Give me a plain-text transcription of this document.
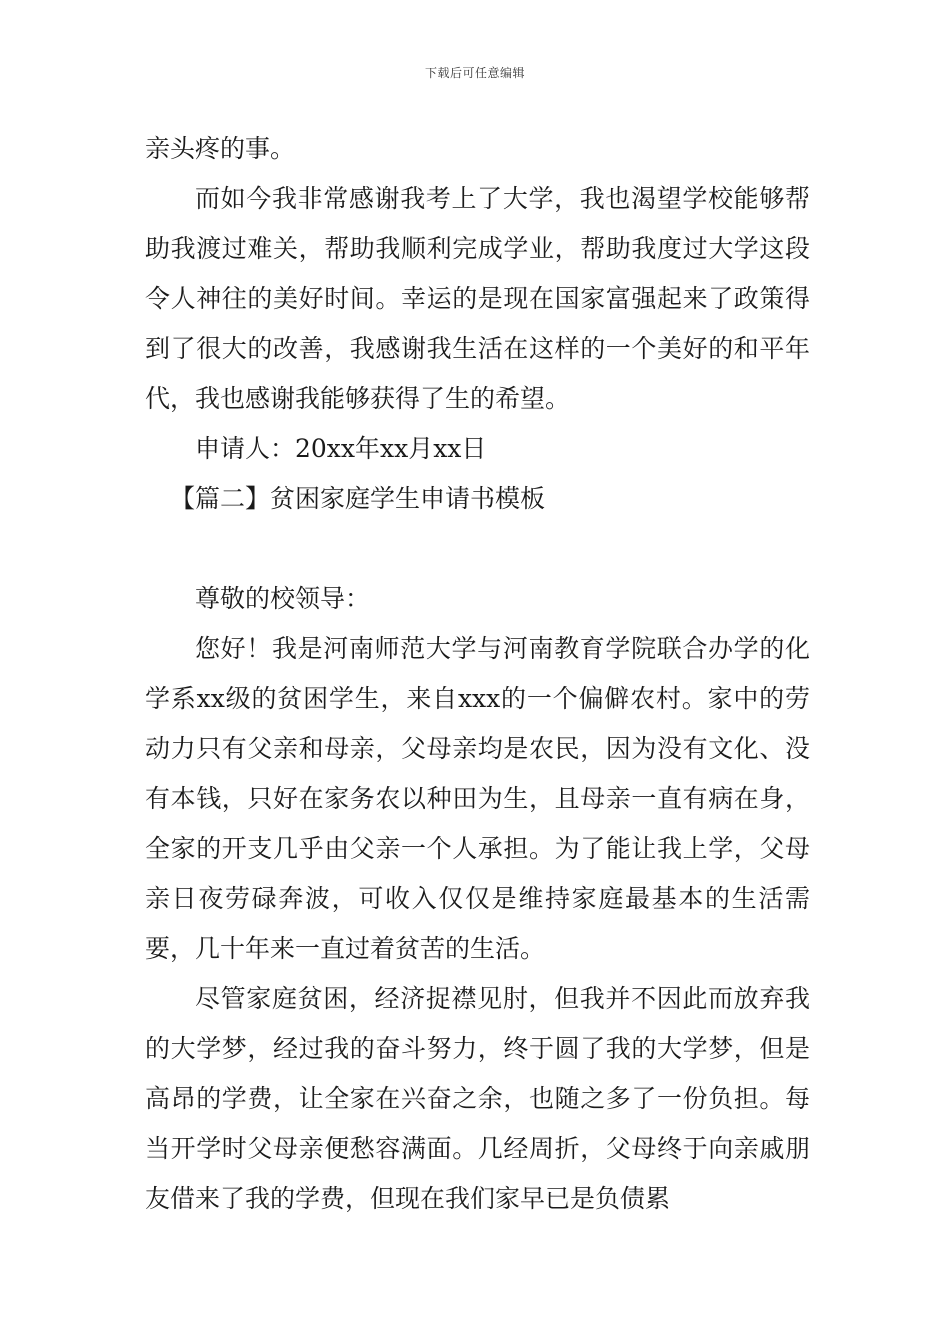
下载后可任意编辑

亲头疼的事。

而如今我非常感谢我考上了大学，我也渴望学校能够帮助我渡过难关，帮助我顺利完成学业，帮助我度过大学这段令人神往的美好时间。幸运的是现在国家富强起来了政策得到了很大的改善，我感谢我生活在这样的一个美好的和平年代，我也感谢我能够获得了生的希望。

申请人：20xx年xx月xx日

【篇二】贫困家庭学生申请书模板

尊敬的校领导：

您好！我是河南师范大学与河南教育学院联合办学的化学系xx级的贫困学生，来自xxx的一个偏僻农村。家中的劳动力只有父亲和母亲，父母亲均是农民，因为没有文化、没有本钱，只好在家务农以种田为生，且母亲一直有病在身，全家的开支几乎由父亲一个人承担。为了能让我上学，父母亲日夜劳碌奔波，可收入仅仅是维持家庭最基本的生活需要，几十年来一直过着贫苦的生活。

尽管家庭贫困，经济捉襟见肘，但我并不因此而放弃我的大学梦，经过我的奋斗努力，终于圆了我的大学梦，但是高昂的学费，让全家在兴奋之余，也随之多了一份负担。每当开学时父母亲便愁容满面。几经周折，父母终于向亲戚朋友借来了我的学费，但现在我们家早已是负债累
